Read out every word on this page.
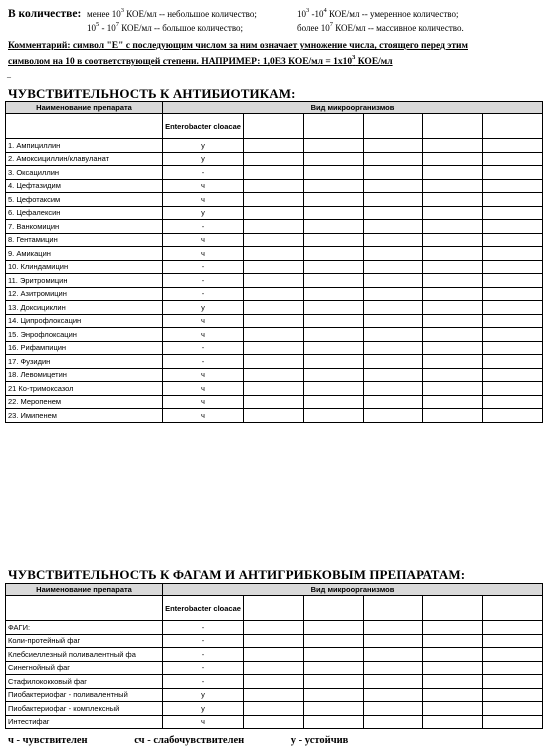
В количестве: менее $10^3$ КОЕ/мл -- небольшое количество;	$10^3$ $-10^4$ КОЕ/мл -- умеренное количество;
$10^5 - 10^7$ КОЕ/мл -- большое количество;	более $10^7$ КОЕ/мл -- массивное количество.
Комментарий: символ "Е" с последующим числом за ним означает умножение числа, стоящего перед этим
символом на 10 в соответствующей степени. НАПРИМЕР: 1,0Е3 $КОЕ/мл = 1x10^3$ КОЕ/мл
–
ЧУВСТВИТЕЛЬНОСТЬ К АНТИБИОТИКАМ:
Наименование препарата	Вид микроорганизмов					
	Enterobacter cloacae					
1. Ампициллин	у					
2. Амоксициллин/клавуланат	у					
3. Оксациллин	-					
4. Цефтазидим	ч					
5. Цефотаксим	ч					
6. Цефалексин	у					
7. Ванкомицин	-					
8. Гентамицин	ч					
9. Амикацин	ч					
10. Клиндамицин	-					
11. Эритромицин	-					
12. Азитромицин	-					
13. Доксициклин	у					
14. Ципрофлоксацин	ч					
15. Энрофлоксацин	ч					
16. Рифампицин	-					
17. Фузидин	-					
18. Левомицетин	ч					
21 Ко-тримоксазол	ч					
22. Меропенем	ч					
23. Имипенем	ч					
ЧУВСТВИТЕЛЬНОСТЬ К ФАГАМ И АНТИГРИБКОВЫМ ПРЕПАРАТАМ:
Наименование препарата	Вид микроорганизмов					
	Enterobacter cloacae					
ФАГИ:	-					
Коли-протейный фаг	-					
Клебсиеллезный поливалентный фа	-					
Синегнойный фаг	-					
Стафилококковый фаг	-					
Пиобактериофаг - поливалентный	у					
Пиобактериофаг - комплексный	у					
Интестифаг	ч					
ч - чувствителен	сч - слабочувствителен	у - устойчив
